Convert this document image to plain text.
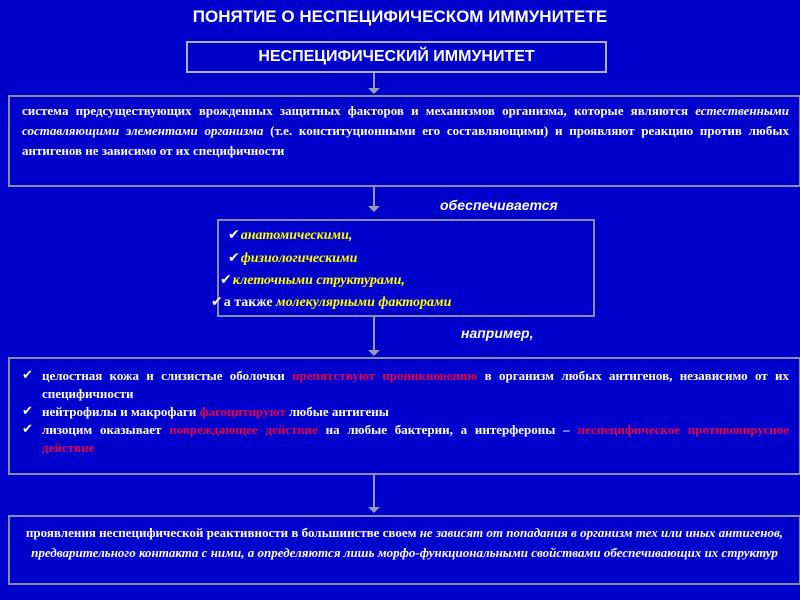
ПОНЯТИЕ О НЕСПЕЦИФИЧЕСКОМ ИММУНИТЕТЕ
НЕСПЕЦИФИЧЕСКИЙ ИММУНИТЕТ
система предсуществующих врожденных защитных факторов и механизмов организма, которые являются естественными составляющими элементами организма (т.е. конституционными его составляющими) и проявляют реакцию против любых антигенов не зависимо от их специфичности
обеспечивается
✔анатомическими,
✔физиологическими
✔клеточными структурами,
✔а также молекулярными факторами
например,
✔ целостная кожа и слизистые оболочки препятствуют проникновению в организм любых антигенов, независимо от их специфичности
✔ нейтрофилы и макрофаги фагоцитируют любые антигены
✔ лизоцим оказывает повреждающее действие на любые бактерии, а интерфероны – неспецифическое противовирусное действие
проявления неспецифической реактивности в большинстве своем не зависят от попадания в организм тех или иных антигенов, предварительного контакта с ними, а определяются лишь морфо-функциональными свойствами обеспечивающих их структур
